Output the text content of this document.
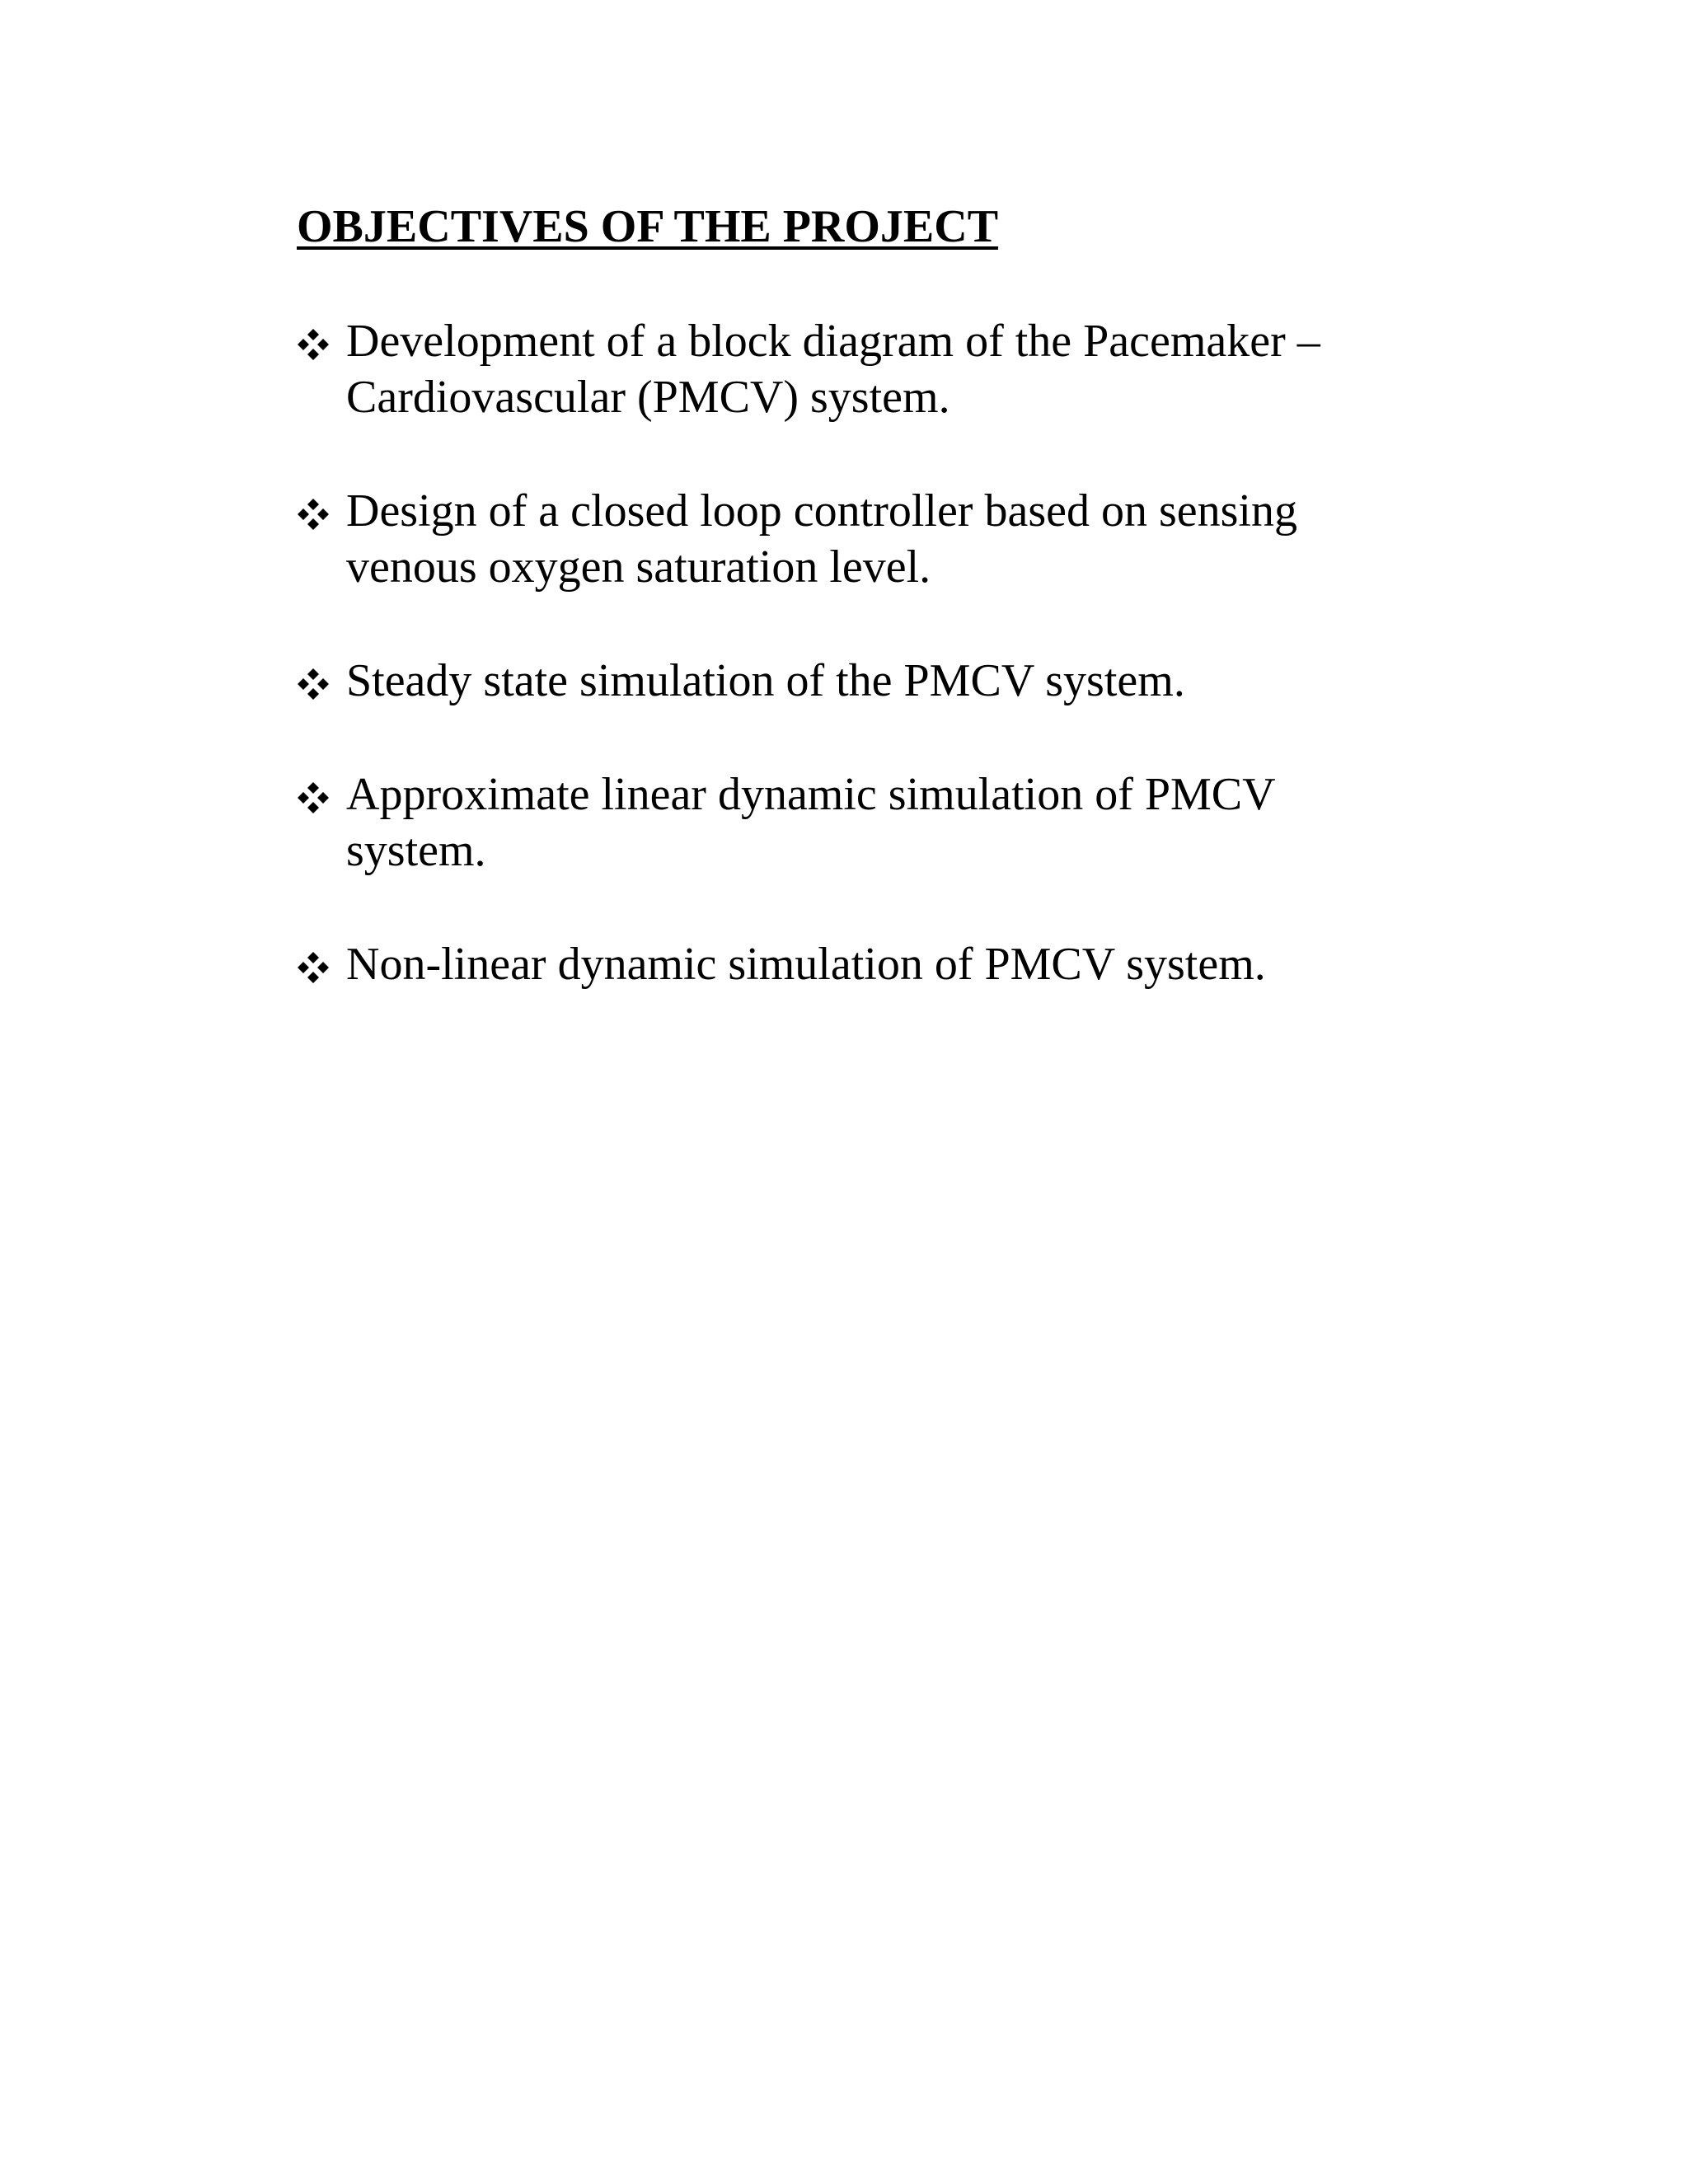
OBJECTIVES OF THE PROJECT
Development of a block diagram of the Pacemaker – Cardiovascular (PMCV) system.
Design of a closed loop controller based on sensing venous oxygen saturation level.
Steady state simulation of the PMCV system.
Approximate linear dynamic simulation of PMCV system.
Non-linear dynamic simulation of PMCV system.
